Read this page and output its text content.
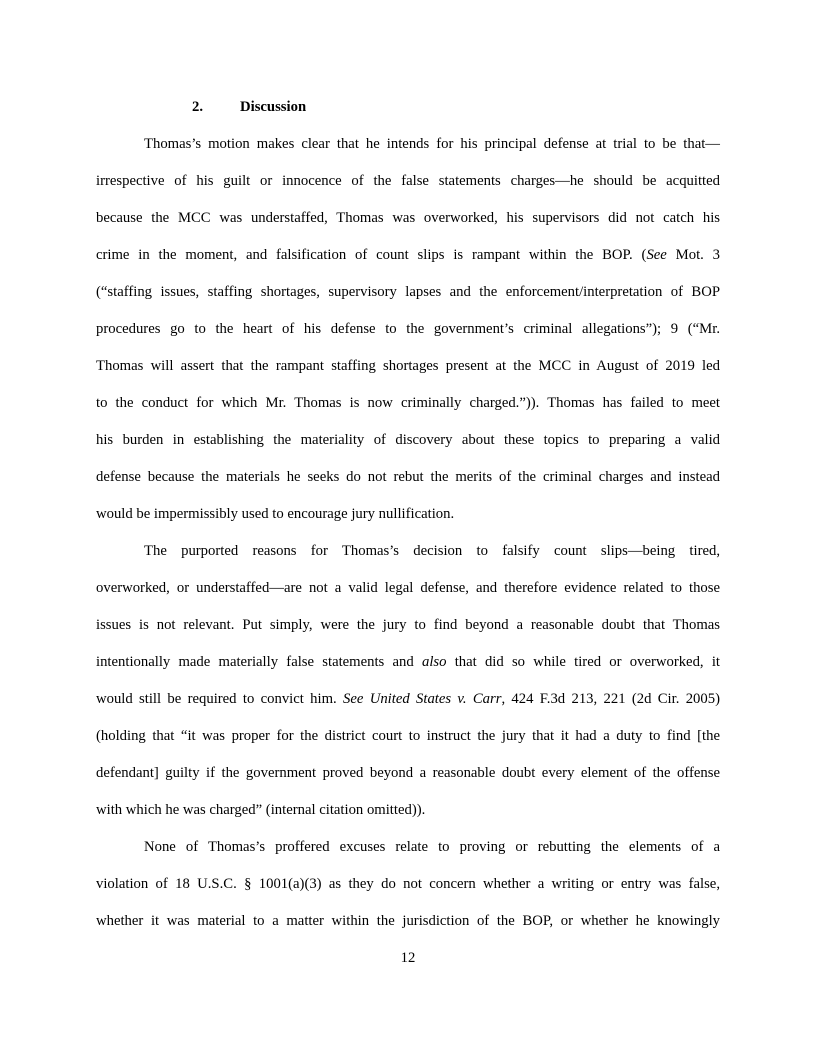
2.	Discussion
Thomas’s motion makes clear that he intends for his principal defense at trial to be that—
irrespective of his guilt or innocence of the false statements charges—he should be acquitted
because the MCC was understaffed, Thomas was overworked, his supervisors did not catch his
crime in the moment, and falsification of count slips is rampant within the BOP. (See Mot. 3
(“staffing issues, staffing shortages, supervisory lapses and the enforcement/interpretation of BOP
procedures go to the heart of his defense to the government’s criminal allegations”); 9 (“Mr.
Thomas will assert that the rampant staffing shortages present at the MCC in August of 2019 led
to the conduct for which Mr. Thomas is now criminally charged.”)). Thomas has failed to meet
his burden in establishing the materiality of discovery about these topics to preparing a valid
defense because the materials he seeks do not rebut the merits of the criminal charges and instead
would be impermissibly used to encourage jury nullification.
The purported reasons for Thomas’s decision to falsify count slips—being tired,
overworked, or understaffed—are not a valid legal defense, and therefore evidence related to those
issues is not relevant. Put simply, were the jury to find beyond a reasonable doubt that Thomas
intentionally made materially false statements and also that did so while tired or overworked, it
would still be required to convict him. See United States v. Carr, 424 F.3d 213, 221 (2d Cir. 2005)
(holding that “it was proper for the district court to instruct the jury that it had a duty to find [the
defendant] guilty if the government proved beyond a reasonable doubt every element of the offense
with which he was charged” (internal citation omitted)).
None of Thomas’s proffered excuses relate to proving or rebutting the elements of a
violation of 18 U.S.C. § 1001(a)(3) as they do not concern whether a writing or entry was false,
whether it was material to a matter within the jurisdiction of the BOP, or whether he knowingly
12
